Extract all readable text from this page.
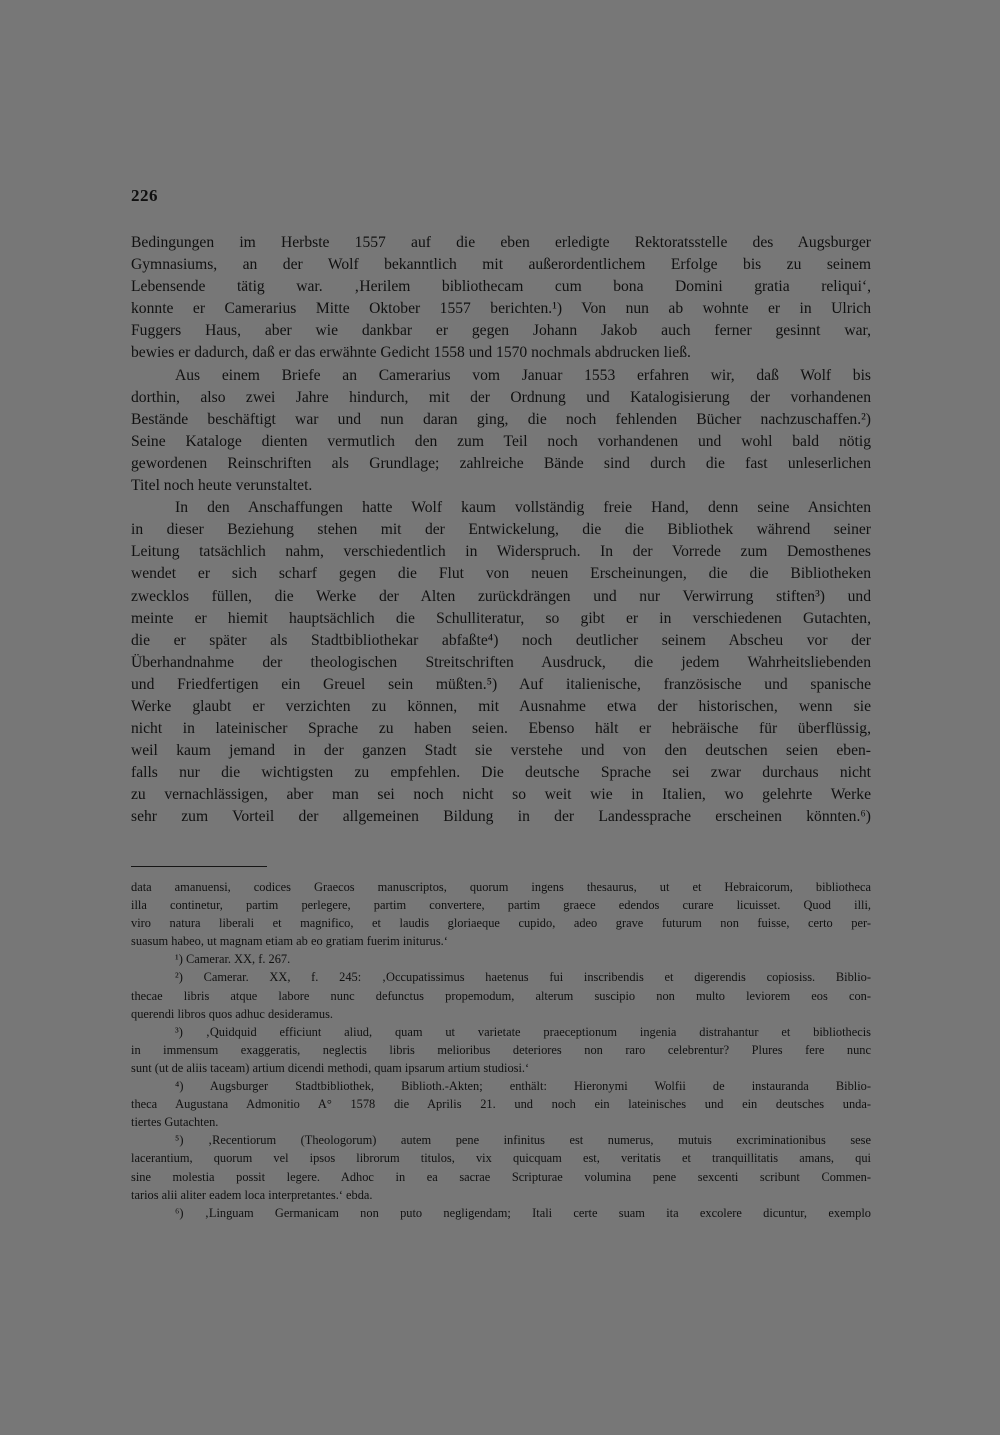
226
Bedingungen im Herbste 1557 auf die eben erledigte Rektoratsstelle des Augsburger
Gymnasiums, an der Wolf bekanntlich mit außerordentlichem Erfolge bis zu seinem
Lebensende tätig war. ‚Herilem bibliothecam cum bona Domini gratia reliqui‘,
konnte er Camerarius Mitte Oktober 1557 berichten.¹) Von nun ab wohnte er in Ulrich
Fuggers Haus, aber wie dankbar er gegen Johann Jakob auch ferner gesinnt war,
bewies er dadurch, daß er das erwähnte Gedicht 1558 und 1570 nochmals abdrucken ließ.
Aus einem Briefe an Camerarius vom Januar 1553 erfahren wir, daß Wolf bis
dorthin, also zwei Jahre hindurch, mit der Ordnung und Katalogisierung der vorhandenen
Bestände beschäftigt war und nun daran ging, die noch fehlenden Bücher nachzuschaffen.²)
Seine Kataloge dienten vermutlich den zum Teil noch vorhandenen und wohl bald nötig
gewordenen Reinschriften als Grundlage; zahlreiche Bände sind durch die fast unleserlichen
Titel noch heute verunstaltet.
In den Anschaffungen hatte Wolf kaum vollständig freie Hand, denn seine Ansichten
in dieser Beziehung stehen mit der Entwickelung, die die Bibliothek während seiner
Leitung tatsächlich nahm, verschiedentlich in Widerspruch. In der Vorrede zum Demosthenes
wendet er sich scharf gegen die Flut von neuen Erscheinungen, die die Bibliotheken
zwecklos füllen, die Werke der Alten zurückdrängen und nur Verwirrung stiften³) und
meinte er hiemit hauptsächlich die Schulliteratur, so gibt er in verschiedenen Gutachten,
die er später als Stadtbibliothekar abfaßte⁴) noch deutlicher seinem Abscheu vor der
Überhandnahme der theologischen Streitschriften Ausdruck, die jedem Wahrheitsliebenden
und Friedfertigen ein Greuel sein müßten.⁵) Auf italienische, französische und spanische
Werke glaubt er verzichten zu können, mit Ausnahme etwa der historischen, wenn sie
nicht in lateinischer Sprache zu haben seien. Ebenso hält er hebräische für überflüssig,
weil kaum jemand in der ganzen Stadt sie verstehe und von den deutschen seien eben-
falls nur die wichtigsten zu empfehlen. Die deutsche Sprache sei zwar durchaus nicht
zu vernachlässigen, aber man sei noch nicht so weit wie in Italien, wo gelehrte Werke
sehr zum Vorteil der allgemeinen Bildung in der Landessprache erscheinen könnten.⁶)
data amanuensi, codices Graecos manuscriptos, quorum ingens thesaurus, ut et Hebraicorum, bibliotheca
illa continetur, partim perlegere, partim convertere, partim graece edendos curare licuisset. Quod illi,
viro natura liberali et magnifico, et laudis gloriaeque cupido, adeo grave futurum non fuisse, certo per-
suasum habeo, ut magnam etiam ab eo gratiam fuerim initurus.‘
¹) Camerar. XX, f. 267.
²) Camerar. XX, f. 245: ‚Occupatissimus haetenus fui inscribendis et digerendis copiosiss. Biblio-
thecae libris atque labore nunc defunctus propemodum, alterum suscipio non multo leviorem eos con-
querendi libros quos adhuc desideramus.
³) ‚Quidquid efficiunt aliud, quam ut varietate praeceptionum ingenia distrahantur et bibliothecis
in immensum exaggeratis, neglectis libris melioribus deteriores non raro celebrentur? Plures fere nunc
sunt (ut de aliis taceam) artium dicendi methodi, quam ipsarum artium studiosi.‘
⁴) Augsburger Stadtbibliothek, Biblioth.-Akten; enthält: Hieronymi Wolfii de instauranda Biblio-
theca Augustana Admonitio A° 1578 die Aprilis 21. und noch ein lateinisches und ein deutsches unda-
tiertes Gutachten.
⁵) ‚Recentiorum (Theologorum) autem pene infinitus est numerus, mutuis excriminationibus sese
lacerantium, quorum vel ipsos librorum titulos, vix quicquam est, veritatis et tranquillitatis amans, qui
sine molestia possit legere. Adhoc in ea sacrae Scripturae volumina pene sexcenti scribunt Commen-
tarios alii aliter eadem loca interpretantes.‘ ebda.
⁶) ‚Linguam Germanicam non puto negligendam; Itali certe suam ita excolere dicuntur, exemplo
